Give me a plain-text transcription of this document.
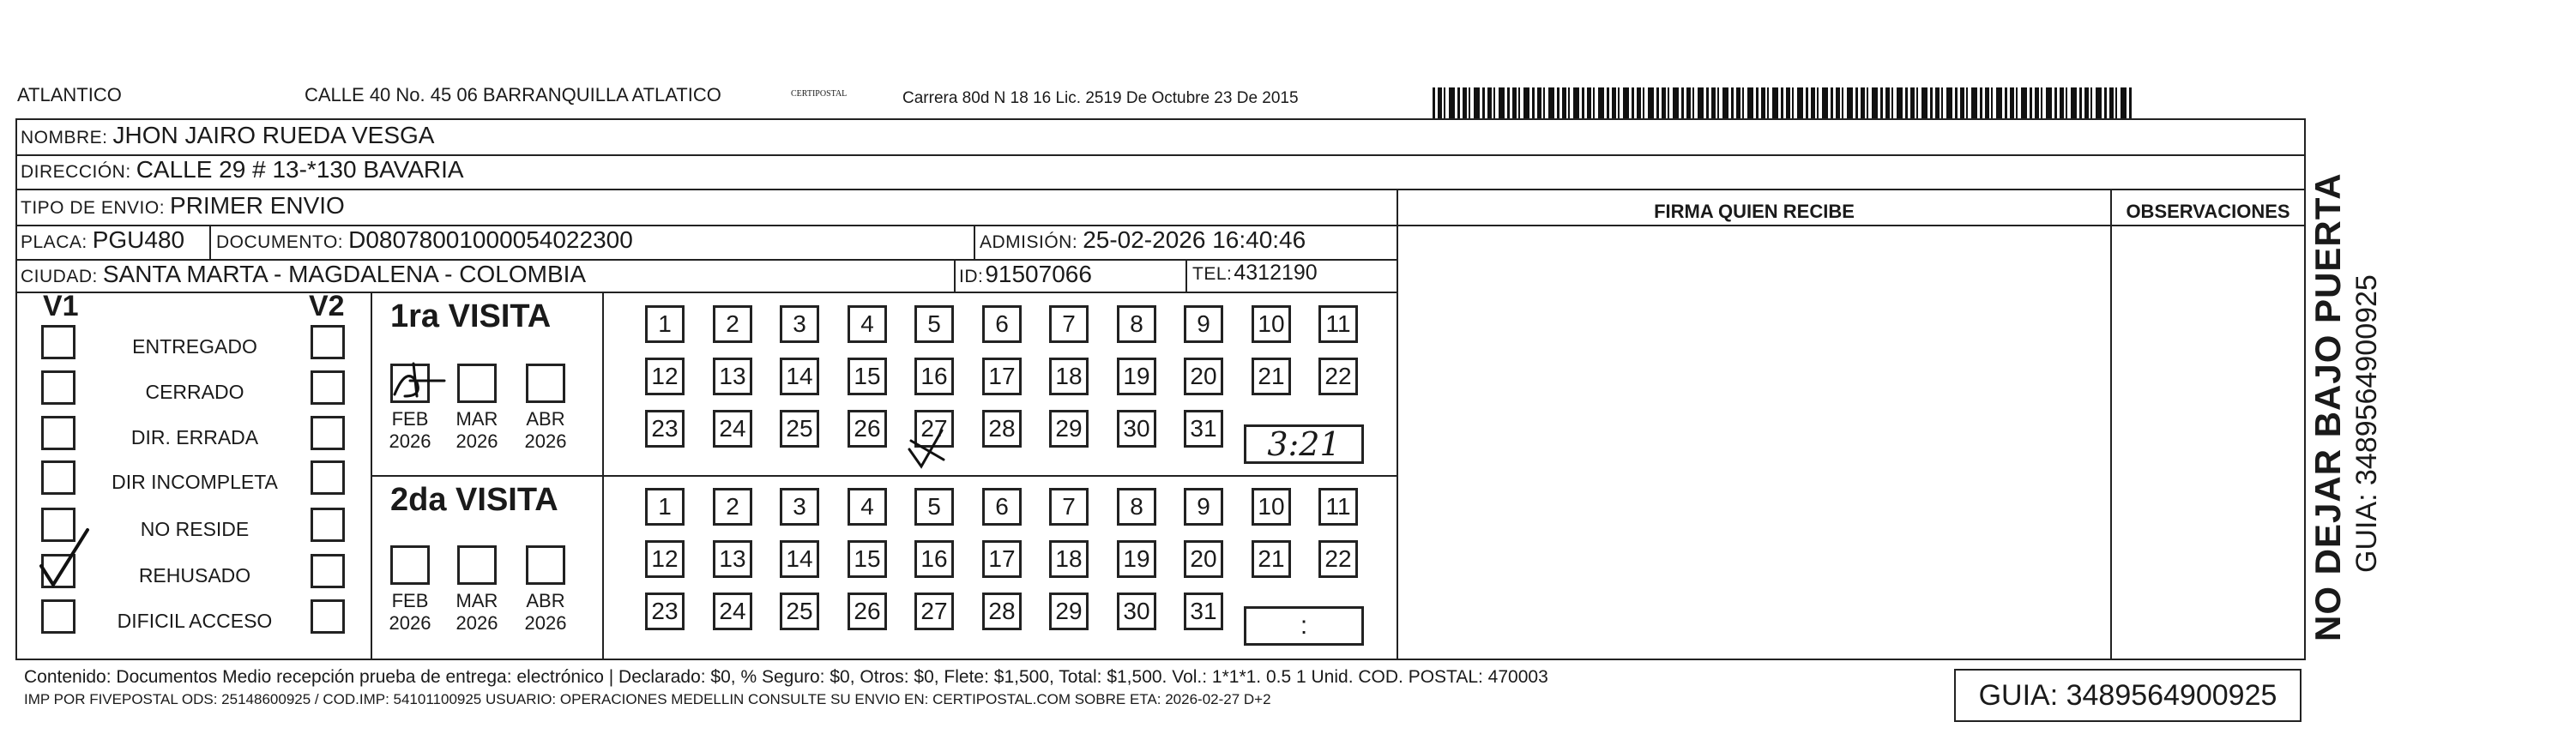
ATLANTICO	CALLE 40 No. 45 06 BARRANQUILLA ATLATICO	CERTIPOSTAL	Carrera 80d N 18 16 Lic. 2519 De Octubre 23 De 2015
NOMBRE: JHON JAIRO RUEDA VESGA
DIRECCIÓN: CALLE 29 # 13-*130 BAVARIA
TIPO DE ENVIO: PRIMER ENVIO
PLACA: PGU480 DOCUMENTO: D08078001000054022300	ADMISIÓN: 25-02-2026 16:40:46
CIUDAD: SANTA MARTA - MAGDALENA - COLOMBIA	ID:91507066	TEL:4312190
FIRMA QUIEN RECIBE	OBSERVACIONES
V1	V2
ENTREGADO
CERRADO
DIR. ERRADA
DIR INCOMPLETA
NO RESIDE
REHUSADO
DIFICIL ACCESO
1ra VISITA
FEB
2026
MAR
2026
ABR
2026
1	2	3	4	5	6	7	8	9	10	11
12 13 14 15 16 17 18 19 20 21 22
23 24 25 26 27 28 29 30 31	3:21
2da VISITA
FEB
2026
MAR
2026
ABR
2026
1	2	3	4	5	6	7	8	9	10	11
12 13 14 15 16 17 18 19 20 21 22
23 24 25 26 27 28 29 30 31
:
Contenido: Documentos Medio recepción prueba de entrega: electrónico | Declarado: $0, % Seguro: $0, Otros: $0, Flete: $1,500, Total: $1,500. Vol.: 1*1*1. 0.5 1 Unid. COD. POSTAL: 470003
IMP POR FIVEPOSTAL ODS: 25148600925 / COD.IMP: 54101100925 USUARIO: OPERACIONES MEDELLIN CONSULTE SU ENVIO EN: CERTIPOSTAL.COM SOBRE ETA: 2026-02-27 D+2	GUIA: 3489564900925
NO DEJAR BAJO PUERTA GUIA: 3489564900925
